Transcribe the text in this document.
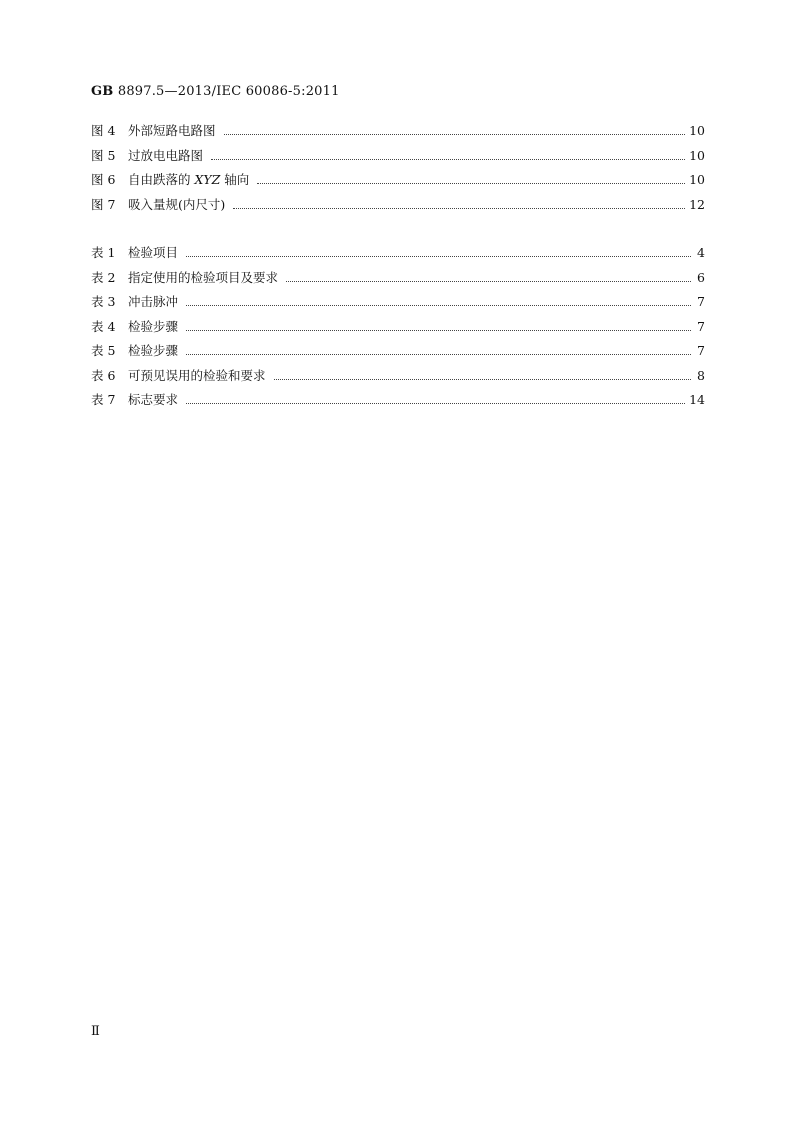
GB 8897.5—2013/IEC 60086-5:2011
图 4	外部短路电路图	10
图 5	过放电电路图	10
图 6	自由跌落的 XYZ 轴向	10
图 7	吸入量规(内尺寸)	12
表 1	检验项目	4
表 2	指定使用的检验项目及要求	6
表 3	冲击脉冲	7
表 4	检验步骤	7
表 5	检验步骤	7
表 6	可预见误用的检验和要求	8
表 7	标志要求	14
Ⅱ
